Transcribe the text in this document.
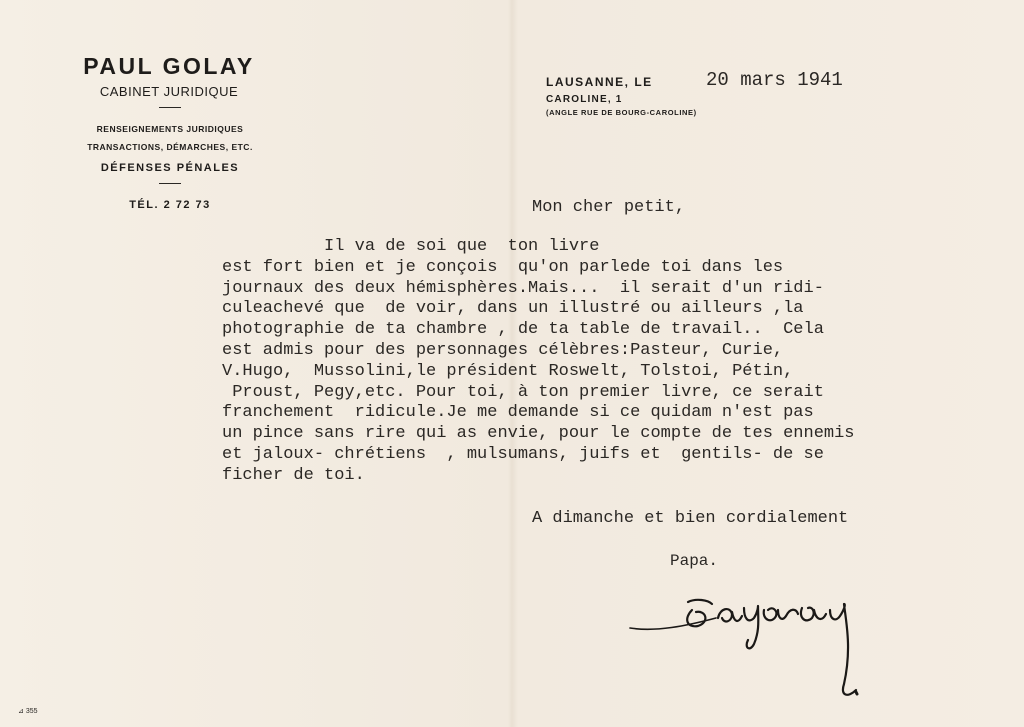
PAUL GOLAY
CABINET JURIDIQUE
RENSEIGNEMENTS JURIDIQUES
TRANSACTIONS, DÉMARCHES, ETC.
DÉFENSES PÉNALES
TÉL. 2 72 73
LAUSANNE, LE
CAROLINE, 1
(ANGLE RUE DE BOURG-CAROLINE)
20 mars 1941
Mon cher petit,
Il va de soi que  ton livre
est fort bien et je conçois  qu'on parlede toi dans les
journaux des deux hémisphères.Mais...  il serait d'un ridi-
culeachevé que  de voir, dans un illustré ou ailleurs ,la
photographie de ta chambre , de ta table de travail..  Cela
est admis pour des personnages célèbres:Pasteur, Curie,
V.Hugo,  Mussolini,le président Roswelt, Tolstoi, Pétin,
Proust, Pegy,etc. Pour toi, à ton premier livre, ce serait
franchement  ridicule.Je me demande si ce quidam n'est pas
un pince sans rire qui as envie, pour le compte de tes ennemis
et jaloux- chrétiens  , mulsumans, juifs et  gentils- de se
ficher de toi.
A dimanche et bien cordialement
Papa.
⊿ 355
